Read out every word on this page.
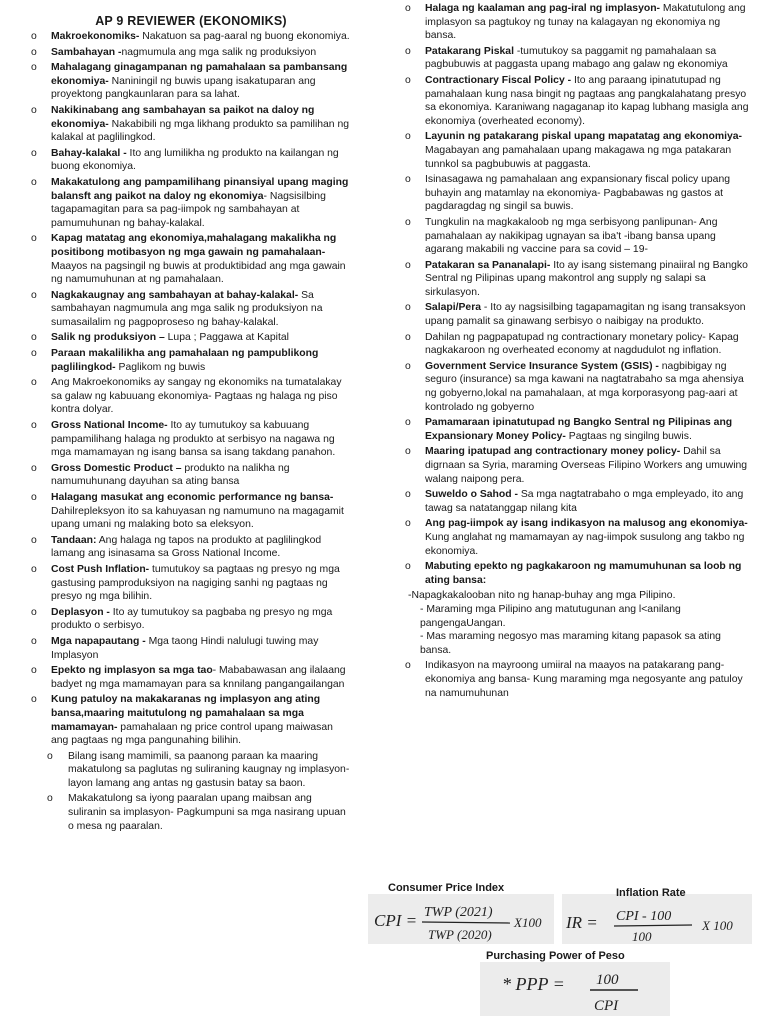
AP 9 REVIEWER (EKONOMIKS)
o Makroekonomiks- Nakatuon sa pag-aaral ng buong ekonomiya.
o Sambahayan -nagmumula ang mga salik ng produksiyon
o Mahalagang ginagampanan ng pamahalaan sa pambansang ekonomiya- Naniningil ng buwis upang isakatuparan ang proyektong pangkaunlaran para sa lahat.
o Nakikinabang ang sambahayan sa paikot na daloy ng ekonomiya- Nakabibili ng mga likhang produkto sa pamilihan ng kalakal at paglilingkod.
o Bahay-kalakal - Ito ang lumilikha ng produkto na kailangan ng buong ekonomiya.
o Makakatulong ang pampamilihang pinansiyal upang maging balansft ang paikot na daloy ng ekonomiya- Nagsisilbing tagapamagitan para sa pag-iimpok ng sambahayan at pamumuhunan ng bahay-kalakal.
o Kapag matatag ang ekonomiya,mahalagang makalikha ng positibong motibasyon ng mga gawain ng pamahalaan- Maayos na pagsingil ng buwis at produktibidad ang mga gawain ng namumuhunan at ng pamahalaan.
o Nagkakaugnay ang sambahayan at bahay-kalakal- Sa sambahayan nagmumula ang mga salik ng produksiyon na sumasailalim ng pagpoproseso ng bahay-kalakal.
o Salik ng produksiyon – Lupa ; Paggawa at Kapital
o Paraan makalilikha ang pamahalaan ng pampublikong paglilingkod- Paglikom ng buwis
o Ang Makroekonomiks ay sangay ng ekonomiks na tumatalakay sa galaw ng kabuuang ekonomiya- Pagtaas ng halaga ng piso kontra dolyar.
o Gross National Income- Ito ay tumutukoy sa kabuuang pampamilihang halaga ng produkto at serbisyo na nagawa ng mga mamamayan ng isang bansa sa isang takdang panahon.
o Gross Domestic Product – produkto na nalikha ng namumuhunang dayuhan sa ating bansa
o Halagang masukat ang economic performance ng bansa- Dahilrepleksyon ito sa kahuyasan ng namumuno na magagamit upang umani ng malaking boto sa eleksyon.
o Tandaan: Ang halaga ng tapos na produkto at paglilingkod lamang ang isinasama sa Gross National Income.
o Cost Push Inflation- tumutukoy sa pagtaas ng presyo ng mga gastusing pamproduksiyon na nagiging sanhi ng pagtaas ng presyo ng mga bilihin.
o Deplasyon - Ito ay tumutukoy sa pagbaba ng presyo ng mga produkto o serbisyo.
o Mga napapautang - Mga taong Hindi nalulugi tuwing may Implasyon
o Epekto ng implasyon sa mga tao- Mababawasan ang ilalaang badyet ng mga mamamayan para sa knnilang pangangailangan
o Kung patuloy na makakaranas ng implasyon ang ating bansa,maaring maitutulong ng pamahalaan sa mga mamamayan- pamahalaan ng price control upang maiwasan ang pagtaas ng mga pangunahing bilihin.
o Bilang isang mamimili, sa paanong paraan ka maaring makatulong sa paglutas ng suliraning kaugnay ng implasyon- layon lamang ang antas ng gastusin batay sa baon.
o Makakatulong sa iyong paaralan upang maibsan ang suliranin sa implasyon- Pagkumpuni sa mga nasirang upuan o mesa ng paaralan.
o Halaga ng kaalaman ang pag-iral ng implasyon- Makatutulong ang implasyon sa pagtukoy ng tunay na kalagayan ng ekonomiya ng bansa.
o Patakarang Piskal -tumutukoy sa paggamit ng pamahalaan sa pagbubuwis at paggasta upang mabago ang galaw ng ekonomiya
o Contractionary Fiscal Policy - Ito ang paraang ipinatutupad ng pamahalaan kung nasa bingit ng pagtaas ang pangkalahatang presyo sa ekonomiya. Karaniwang nagaganap ito kapag lubhang masigla ang ekonomiya (overheated economy).
o Layunin ng patakarang piskal upang mapatatag ang ekonomiya- Magabayan ang pamahalaan upang makagawa ng mga patakaran tunnkol sa pagbubuwis at paggasta.
o Isinasagawa ng pamahalaan ang expansionary fiscal policy upang buhayin ang matamlay na ekonomiya- Pagbabawas ng gastos at pagdaragdag ng singil sa buwis.
o Tungkulin na magkakaloob ng mga serbisyong panlipunan- Ang pamahalaan ay nakikipag ugnayan sa iba't -ibang bansa upang agarang makabili ng vaccine para sa covid – 19-
o Patakaran sa Pananalapi- Ito ay isang sistemang pinaiiral ng Bangko Sentral ng Pilipinas upang makontrol ang supply ng salapi sa sirkulasyon.
o Salapi/Pera - Ito ay nagsisilbing tagapamagitan ng isang transaksyon upang pamalit sa ginawang serbisyo o naibigay na produkto.
o Dahilan ng pagpapatupad ng contractionary monetary policy- Kapag nagkakaroon ng overheated economy at nagdudulot ng inflation.
o Government Service Insurance System (GSIS) - nagbibigay ng seguro (insurance) sa mga kawani na nagtatrabaho sa mga ahensiya ng gobyerno,lokal na pamahalaan, at mga korporasyong pag-aari at kontrolado ng gobyerno
o Pamamaraan ipinatutupad ng Bangko Sentral ng Pilipinas ang Expansionary Money Policy- Pagtaas ng singilng buwis.
o Maaring ipatupad ang contractionary money policy- Dahil sa digrnaan sa Syria, maraming Overseas Filipino Workers ang umuwing walang naipong pera.
o Suweldo o Sahod - Sa mga nagtatrabaho o mga empleyado, ito ang tawag sa natatanggap nilang kita
o Ang pag-iimpok ay isang indikasyon na malusog ang ekonomiya- Kung anglahat ng mamamayan ay nag-iimpok susulong ang takbo ng ekonomiya.
o Mabuting epekto ng pagkakaroon ng mamumuhunan sa loob ng ating bansa:
-Napagkakalooban nito ng hanap-buhay ang mga Pilipino.
- Maraming mga Pilipino ang matutugunan ang l<anilang pangengaUangan.
- Mas maraming negosyo mas maraming kitang papasok sa ating bansa.
o Indikasyon na mayroong umiiral na maayos na patakarang pang-ekonomiya ang bansa- Kung maraming mga negosyante ang patuloy na namumuhunan
Consumer Price Index
CPI = TWP (2021)
TWP (2020)
X100
Inflation Rate
IR = CPI - 100
100
X 100
Purchasing Power of Peso
* PPP = 100
CPI
